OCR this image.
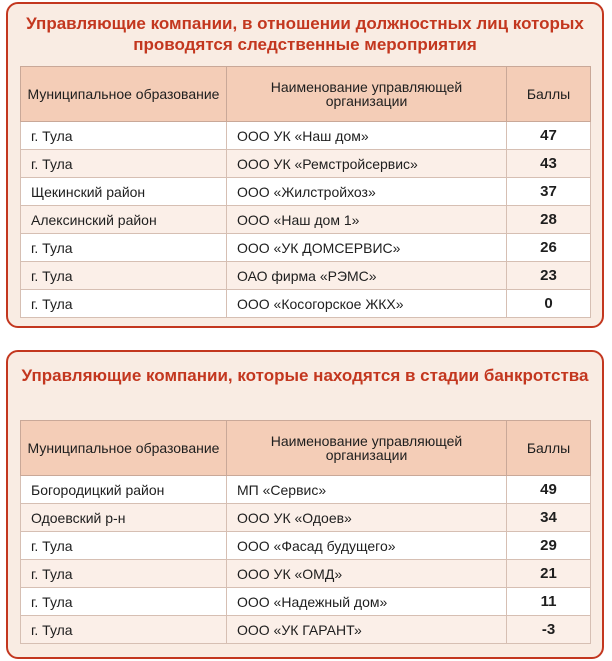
Управляющие компании, в отношении должностных лиц которых проводятся следственные мероприятия

Муниципальное образование	Наименование управляющей организации	Баллы
г. Тула	ООО УК «Наш дом»	47
г. Тула	ООО УК «Ремстройсервис»	43
Щекинский район	ООО «Жилстройхоз»	37
Алексинский район	ООО «Наш дом 1»	28
г. Тула	ООО «УК ДОМСЕРВИС»	26
г. Тула	ОАО фирма «РЭМС»	23
г. Тула	ООО «Косогорское ЖКХ»	0

Управляющие компании, которые находятся в стадии банкротства

Муниципальное образование	Наименование управляющей организации	Баллы
Богородицкий район	МП «Сервис»	49
Одоевский р-н	ООО УК «Одоев»	34
г. Тула	ООО «Фасад будущего»	29
г. Тула	ООО УК «ОМД»	21
г. Тула	ООО «Надежный дом»	11
г. Тула	ООО «УК ГАРАНТ»	-3
